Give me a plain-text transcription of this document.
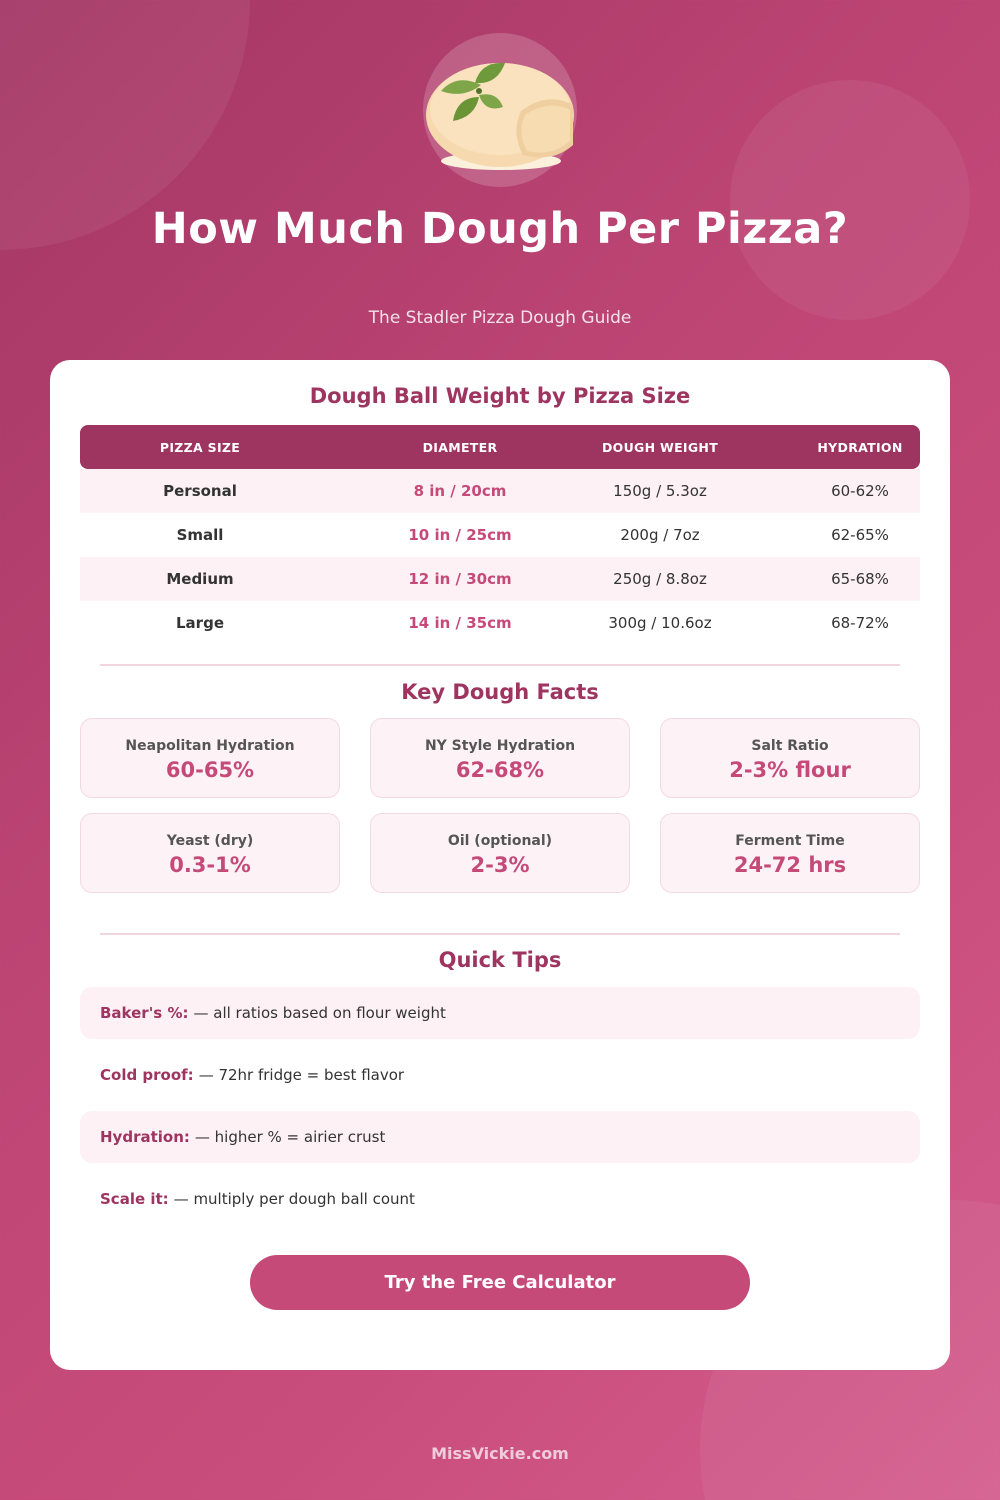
How Much Dough Per Pizza?
The Stadler Pizza Dough Guide
Dough Ball Weight by Pizza Size
PIZZA SIZE	DIAMETER	DOUGH WEIGHT	HYDRATION
Personal	8 in / 20cm	150g / 5.3oz	60-62%
Small	10 in / 25cm	200g / 7oz	62-65%
Medium	12 in / 30cm	250g / 8.8oz	65-68%
Large	14 in / 35cm	300g / 10.6oz	68-72%
Key Dough Facts
Neapolitan Hydration
60-65%
NY Style Hydration
62-68%
Salt Ratio
2-3% flour
Yeast (dry)
0.3-1%
Oil (optional)
2-3%
Ferment Time
24-72 hrs
Quick Tips
Baker's %: — all ratios based on flour weight
Cold proof: — 72hr fridge = best flavor
Hydration: — higher % = airier crust
Scale it: — multiply per dough ball count
Try the Free Calculator
MissVickie.com
